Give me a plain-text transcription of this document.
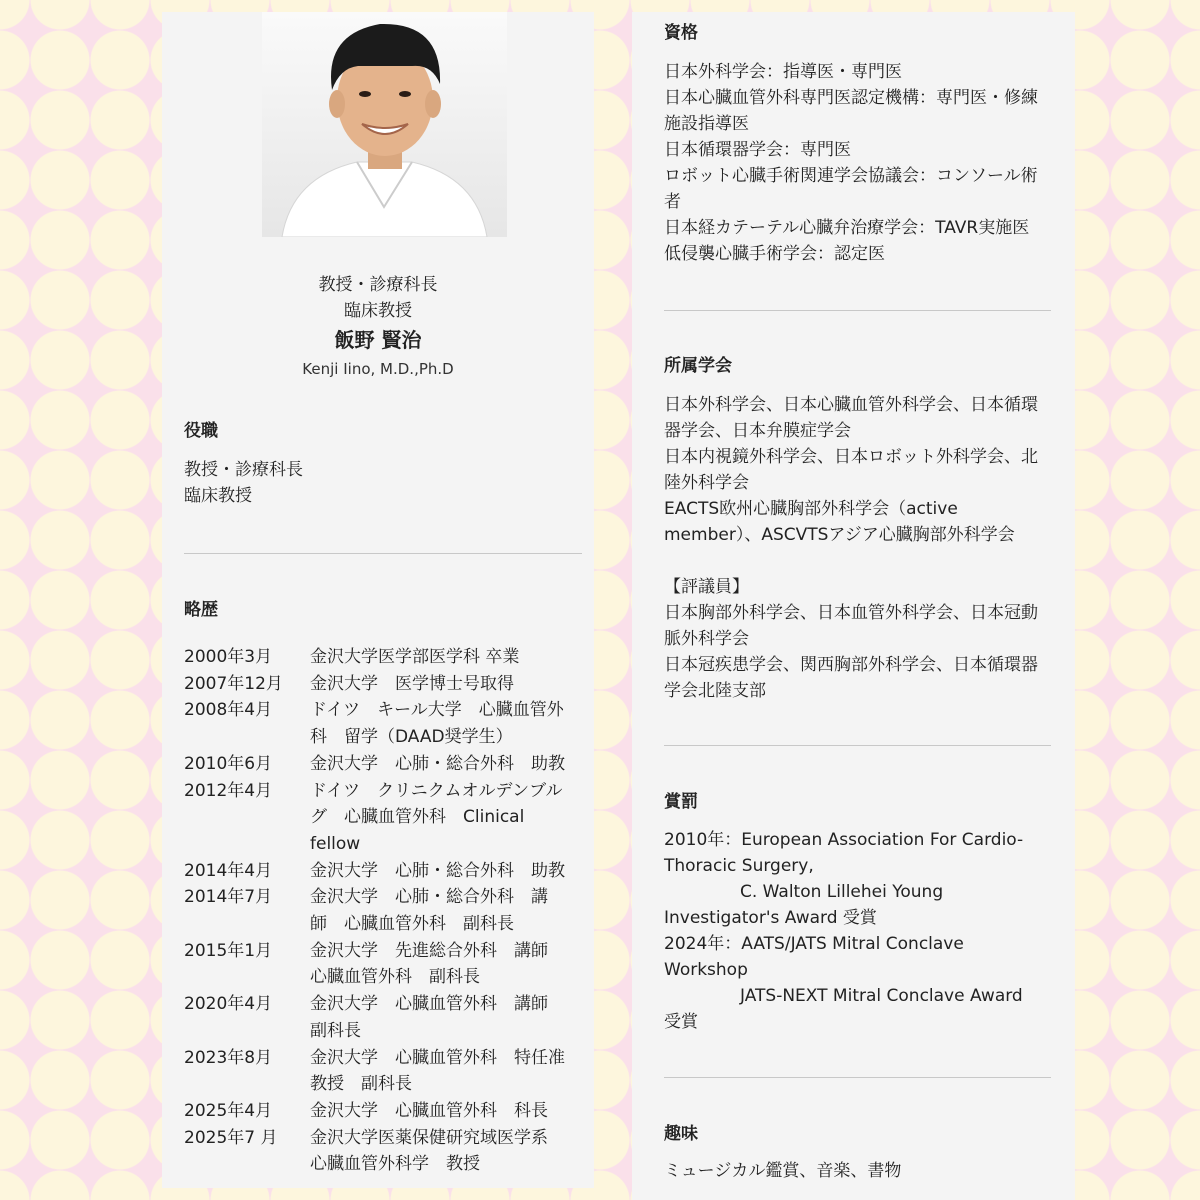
教授・診療科長
臨床教授
飯野 賢治
Kenji Iino, M.D.,Ph.D
役職
教授・診療科長
臨床教授
略歴
2000年3月	金沢大学医学部医学科 卒業
2007年12月	金沢大学　医学博士号取得
2008年4月	ドイツ　キール大学　心臓血管外
科　留学（DAAD奨学生）
2010年6月	金沢大学　心肺・総合外科　助教
2012年4月	ドイツ　クリニクムオルデンブル
グ　心臓血管外科　Clinical
fellow
2014年4月	金沢大学　心肺・総合外科　助教
2014年7月	金沢大学　心肺・総合外科　講
師　心臓血管外科　副科長
2015年1月	金沢大学　先進総合外科　講師
心臓血管外科　副科長
2020年4月	金沢大学　心臓血管外科　講師
副科長
2023年8月	金沢大学　心臓血管外科　特任准
教授　副科長
2025年4月	金沢大学　心臓血管外科　科長
2025年7 月	金沢大学医薬保健研究域医学系
心臓血管外科学　教授
資格
日本外科学会：指導医・専門医
日本心臓血管外科専門医認定機構：専門医・修練
施設指導医
日本循環器学会：専門医
ロボット心臓手術関連学会協議会：コンソール術
者
日本経カテーテル心臓弁治療学会：TAVR実施医
低侵襲心臓手術学会：認定医
所属学会
日本外科学会、日本心臓血管外科学会、日本循環
器学会、日本弁膜症学会
日本内視鏡外科学会、日本ロボット外科学会、北
陸外科学会
EACTS欧州心臓胸部外科学会（active
member）、ASCVTSアジア心臓胸部外科学会
【評議員】
日本胸部外科学会、日本血管外科学会、日本冠動
脈外科学会
日本冠疾患学会、関西胸部外科学会、日本循環器
学会北陸支部
賞罰
2010年：European Association For Cardio-
Thoracic Surgery,
C. Walton Lillehei Young
Investigator's Award 受賞
2024年：AATS/JATS Mitral Conclave
Workshop
JATS-NEXT Mitral Conclave Award
受賞
趣味
ミュージカル鑑賞、音楽、書物
